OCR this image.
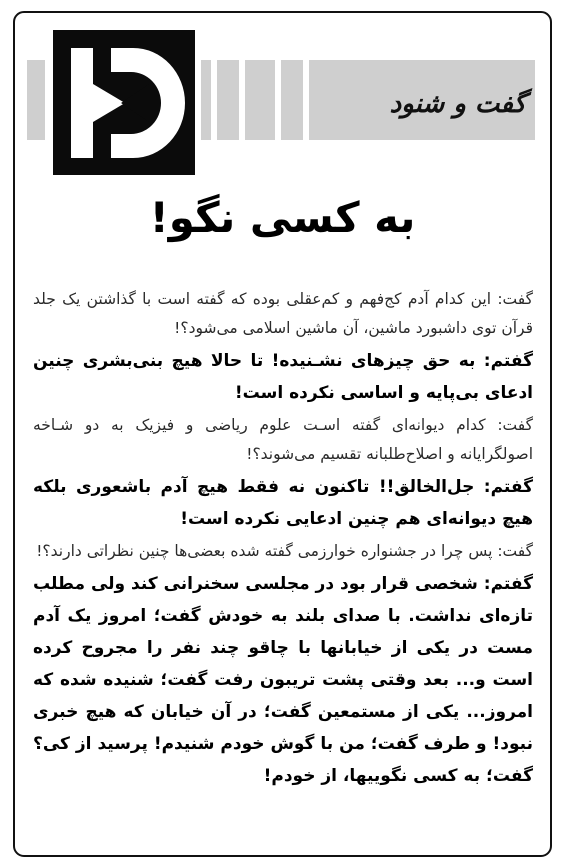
گفت و شنود
به کسی نگو!

گفت: این کدام آدم کج‌فهم و کم‌عقلی بوده که گفته است با گذاشتن یک جلد قرآن توی داشبورد ماشین، آن ماشین اسلامی می‌شود؟!

گفتم: به حق چیزهای نشـنیده! تا حالا هیچ بنی‌بشری چنین ادعای بی‌پایه و اساسی نکرده است!

گفت: کدام دیوانه‌ای گفته اسـت علوم ریاضی و فیزیک به دو شـاخه اصولگرایانه و اصلاح‌طلبانه تقسیم می‌شوند؟!

گفتم: جل‌الخالق!! تاکنون نه فقط هیچ آدم باشعوری بلکه هیچ دیوانه‌ای هم چنین ادعایی نکرده است!

گفت: پس چرا در جشنواره خوارزمی گفته شده بعضی‌ها چنین نظراتی دارند؟!

گفتم: شخصی قرار بود در مجلسی سخنرانی کند ولی مطلب تازه‌ای نداشت. با صدای بلند به خودش گفت؛ امروز یک آدم مست در یکی از خیابانها با چاقو چند نفر را مجروح کرده است و... بعد وقتی پشت تریبون رفت گفت؛ شنیده شده که امروز... یکی از مستمعین گفت؛ در آن خیابان که هیچ خبری نبود! و طرف گفت؛ من با گوش خودم شنیدم! پرسید از کی؟ گفت؛ به کسی نگوییها، از خودم!
